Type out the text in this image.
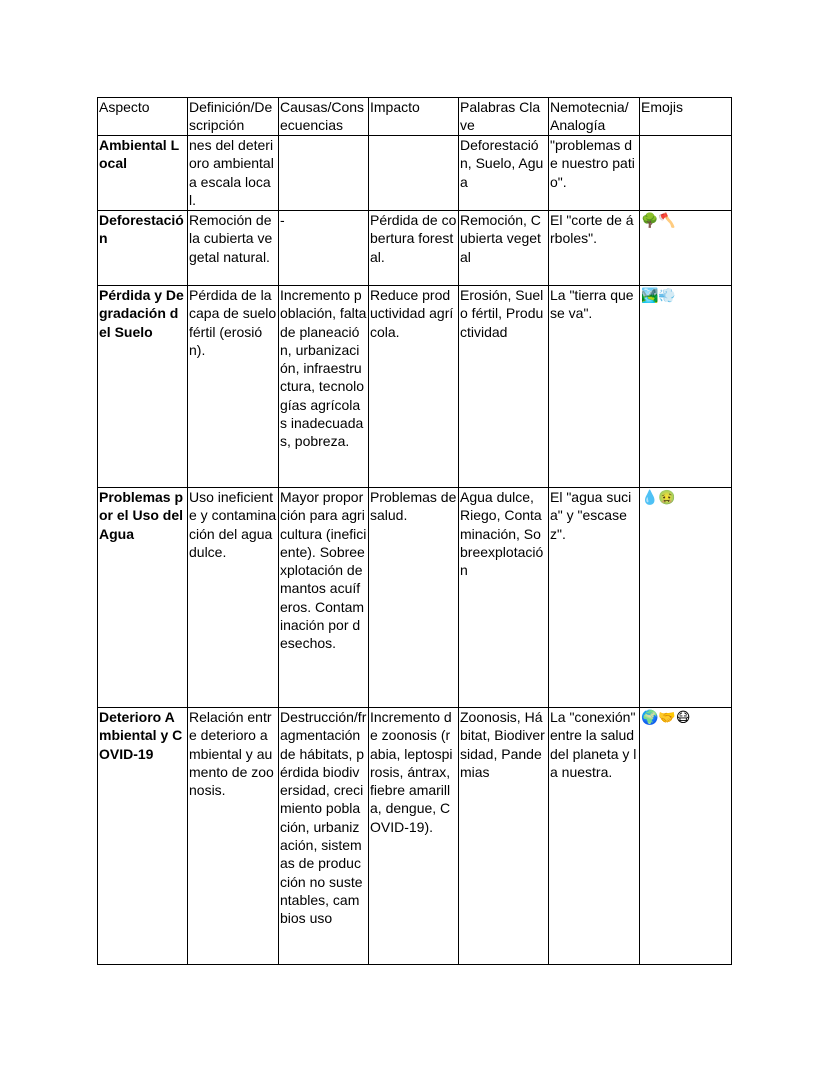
Aspecto	Definición/Descripción	Causas/Consecuencias	Impacto	Palabras Clave	Nemotecnia/ Analogía	Emojis
Ambiental Local	nes del deterioro ambiental a escala local.			Deforestación, Suelo, Agua	"problemas de nuestro patio".	
Deforestación	Remoción de la cubierta vegetal natural.	-	Pérdida de cobertura forestal.	Remoción, Cubierta vegetal	El "corte de árboles".	🌳🪓
Pérdida y Degradación del Suelo	Pérdida de la capa de suelo fértil (erosión).	Incremento población, falta de planeación, urbanización, infraestructura, tecnologías agrícolas inadecuadas, pobreza.	Reduce productividad agrícola.	Erosión, Suelo fértil, Productividad	La "tierra que se va".	🏞️💨
Problemas por el Uso del Agua	Uso ineficiente y contaminación del agua dulce.	Mayor proporción para agricultura (ineficiente). Sobreexplotación de mantos acuíferos. Contaminación por desechos.	Problemas de salud.	Agua dulce, Riego, Contaminación, Sobreexplotación	El "agua sucia" y "escasez".	💧🤢
Deterioro Ambiental y COVID-19	Relación entre deterioro ambiental y aumento de zoonosis.	Destrucción/fragmentación de hábitats, pérdida biodiversidad, crecimiento población, urbanización, sistemas de producción no sustentables, cambios uso	Incremento de zoonosis (rabia, leptospirosis, ántrax, fiebre amarilla, dengue, COVID-19).	Zoonosis, Hábitat, Biodiversidad, Pandemias	La "conexión" entre la salud del planeta y la nuestra.	🌍🤝😷
